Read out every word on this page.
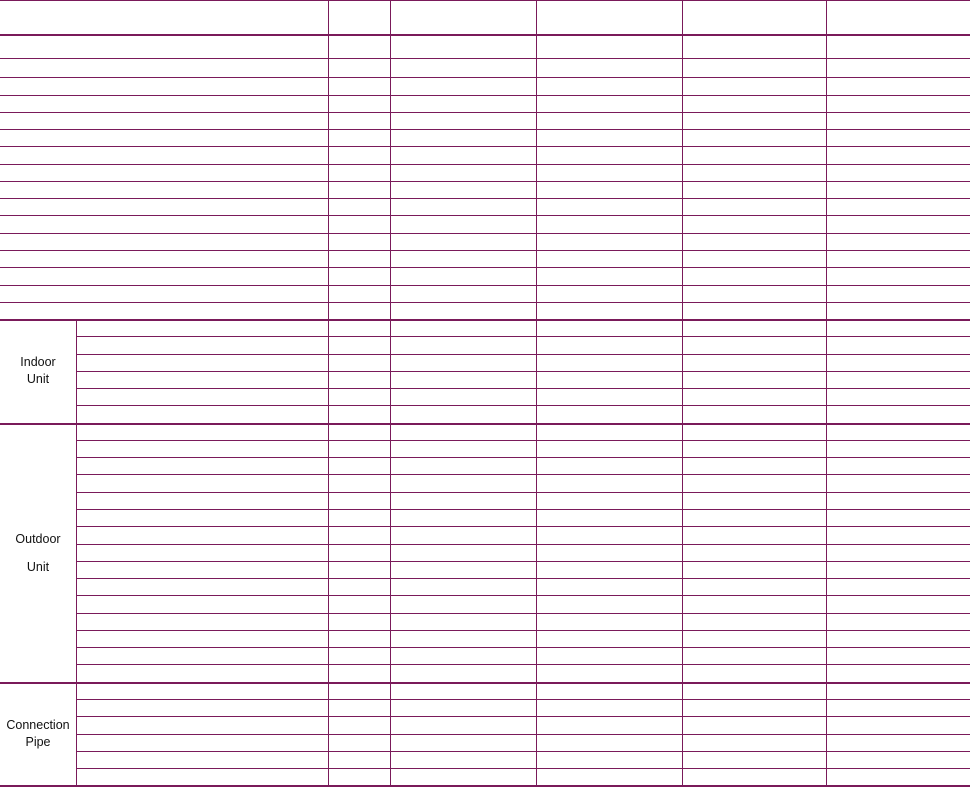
Indoor
Unit
Outdoor
Unit
Connection
Pipe
